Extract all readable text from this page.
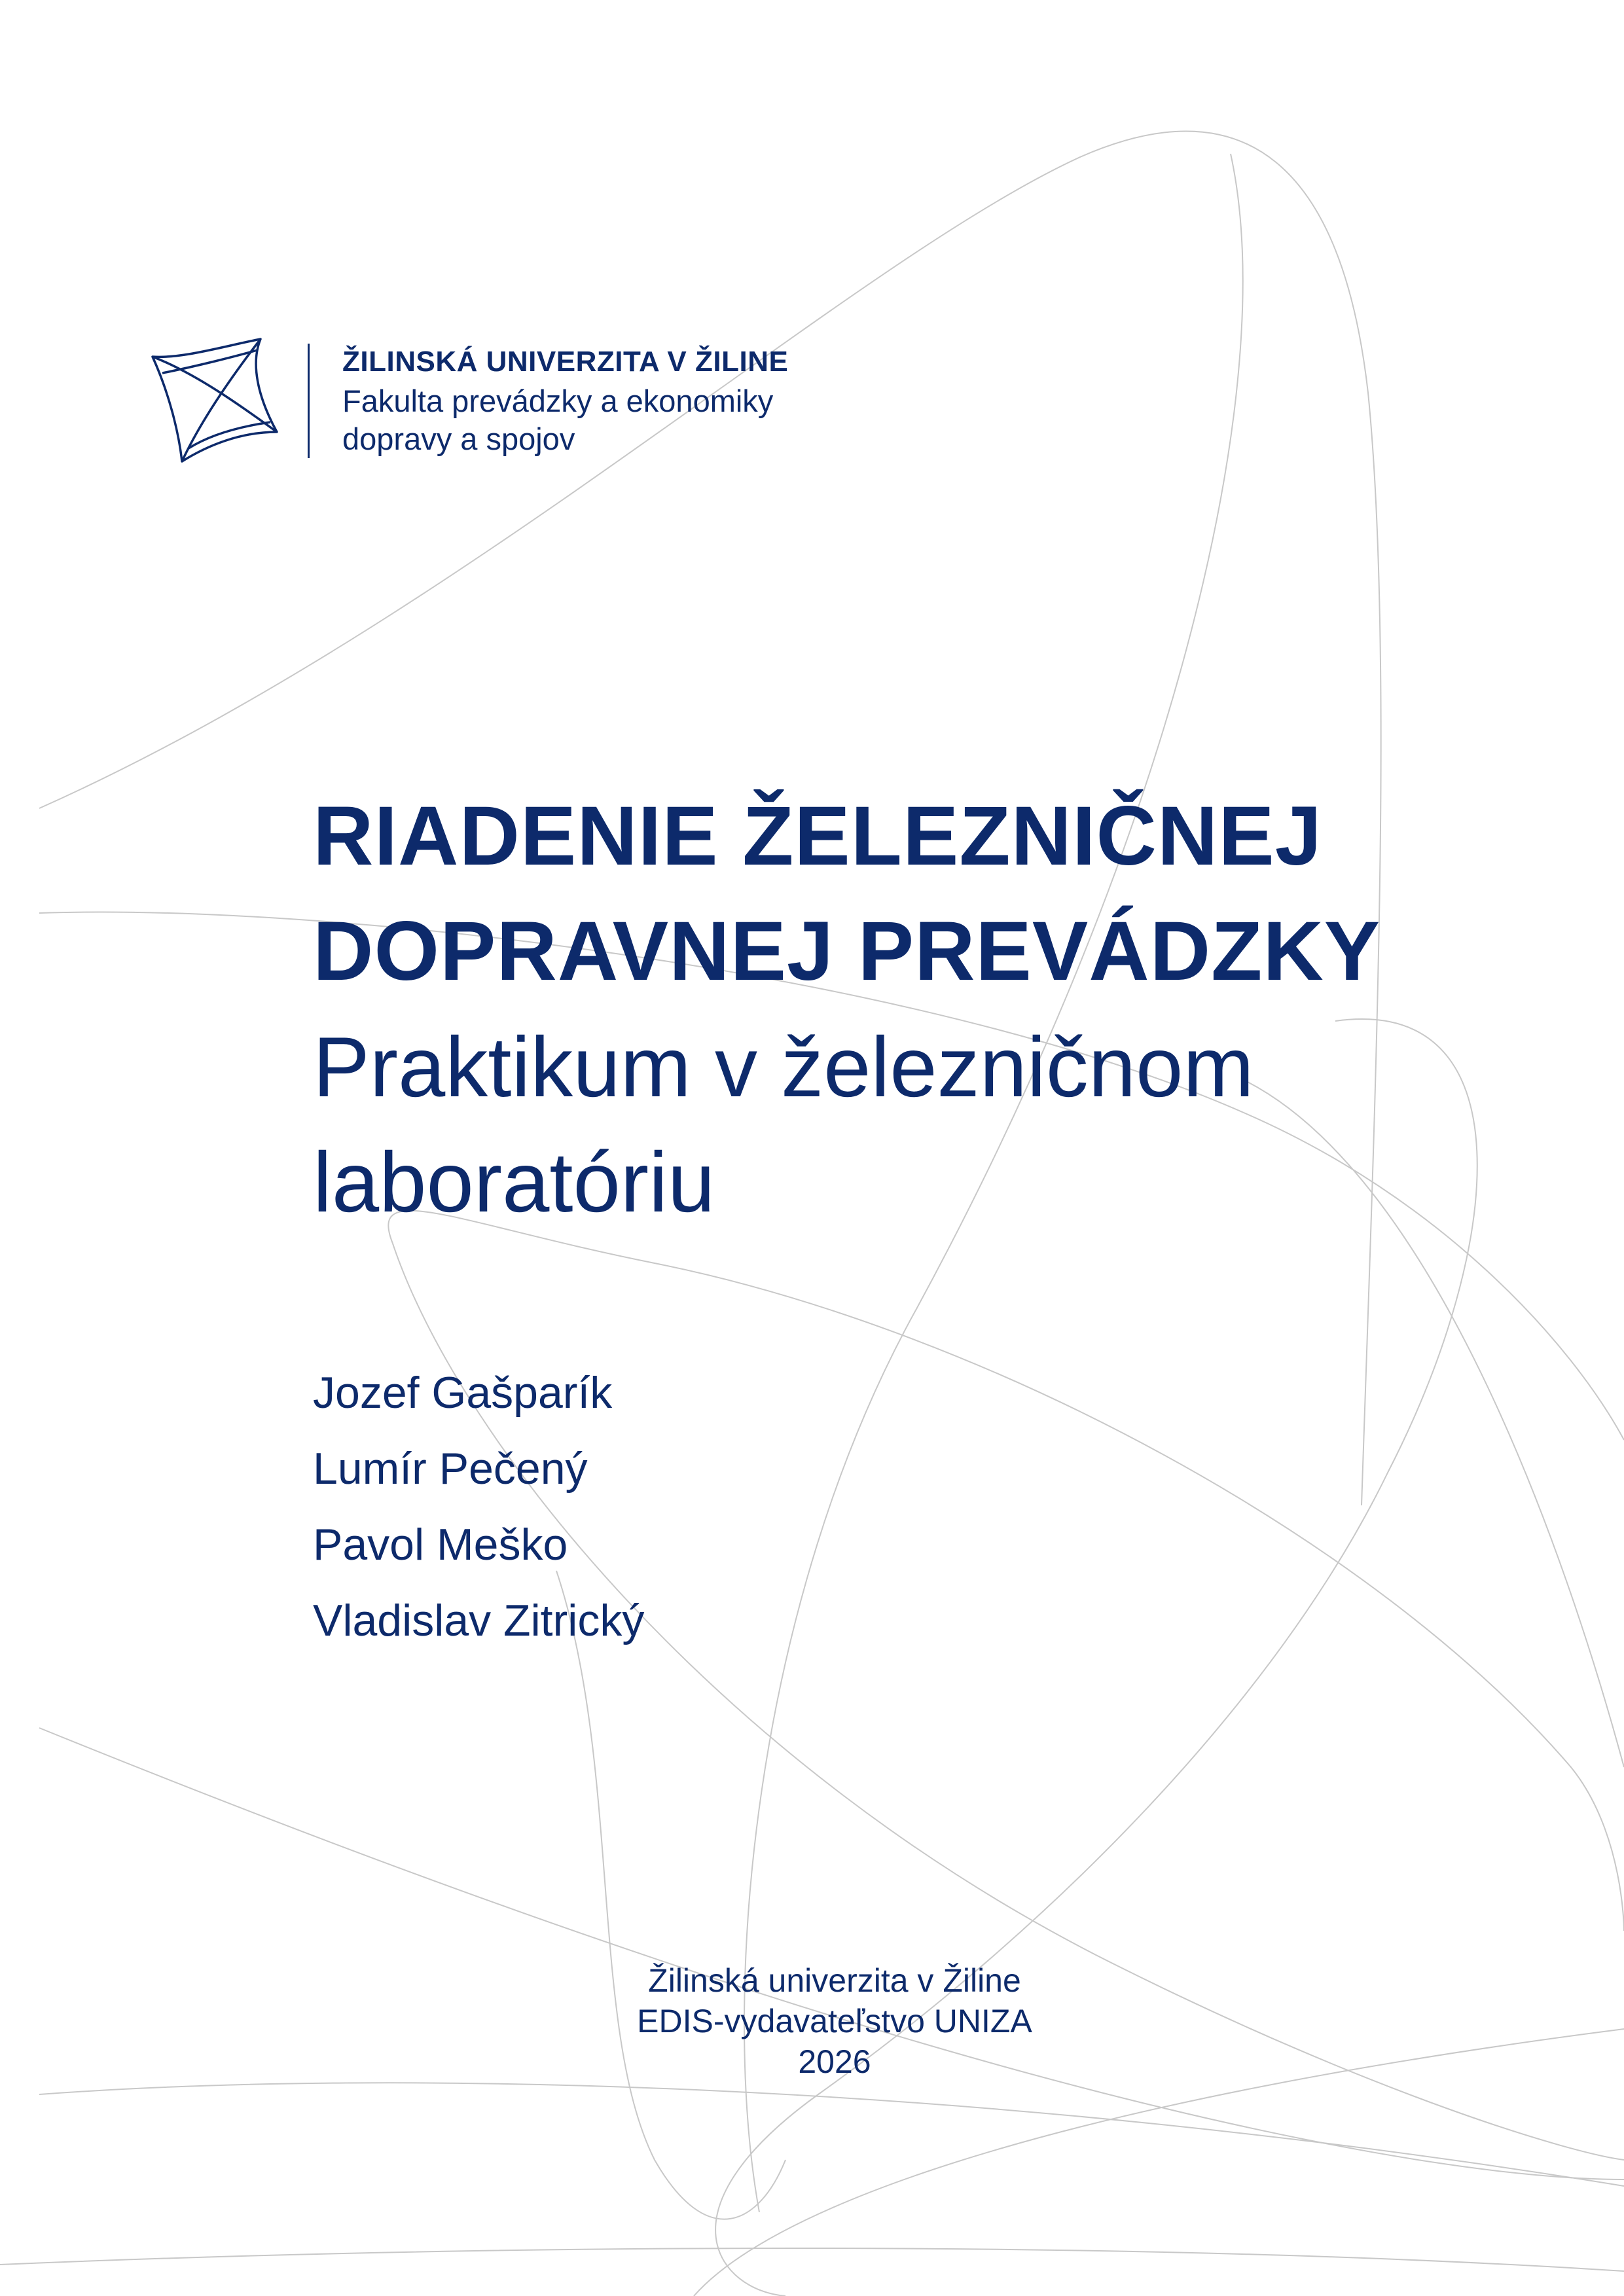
ŽILINSKÁ UNIVERZITA V ŽILINE
Fakulta prevádzky a ekonomiky
dopravy a spojov
RIADENIE ŽELEZNIČNEJ
DOPRAVNEJ PREVÁDZKY
Praktikum v železničnom
laboratóriu
Jozef Gašparík
Lumír Pečený
Pavol Meško
Vladislav Zitrický
Žilinská univerzita v Žiline
EDIS-vydavateľstvo UNIZA
2026
